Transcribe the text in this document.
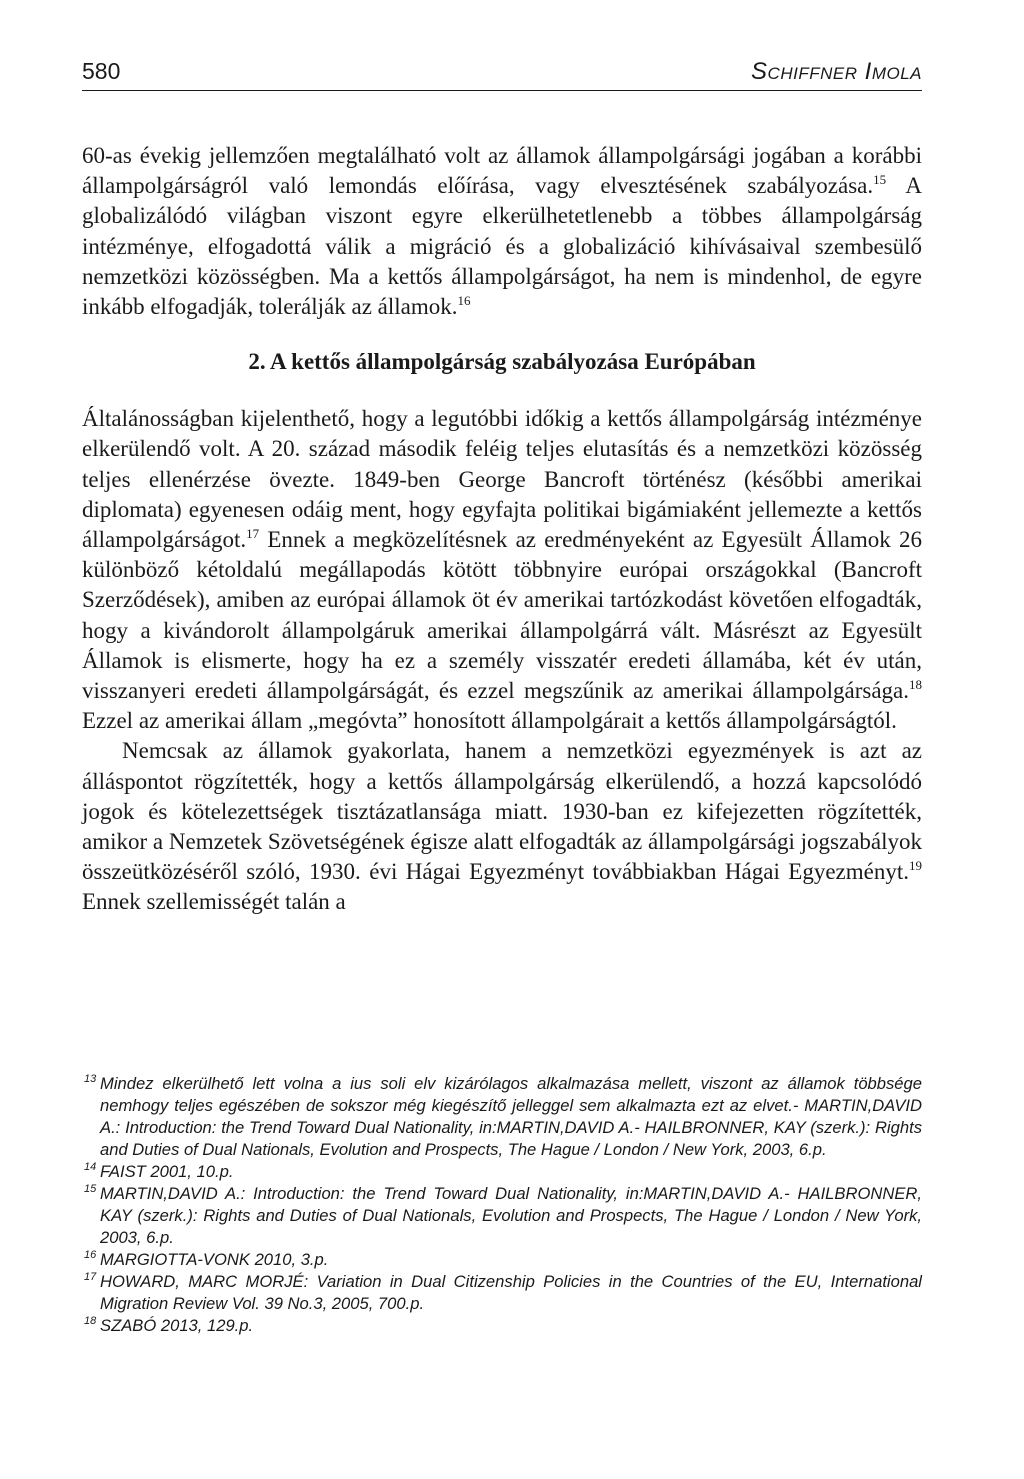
580	Schiffner Imola

60-as évekig jellemzően megtalálható volt az államok állampolgársági jogában a korábbi állampolgárságról való lemondás előírása, vagy elvesztésének szabályozása.$^{15}$ A globalizálódó világban viszont egyre elkerülhetetlenebb a többes állampolgárság intézménye, elfogadottá válik a migráció és a globalizáció kihívásaival szembesülő nemzetközi közösségben. Ma a kettős állampolgárságot, ha nem is mindenhol, de egyre inkább elfogadják, tolerálják az államok.$^{16}$

2. A kettős állampolgárság szabályozása Európában

Általánosságban kijelenthető, hogy a legutóbbi időkig a kettős állampolgárság intézménye elkerülendő volt. A 20. század második feléig teljes elutasítás és a nemzetközi közösség teljes ellenérzése övezte. 1849-ben George Bancroft történész (későbbi amerikai diplomata) egyenesen odáig ment, hogy egyfajta politikai bigámiaként jellemezte a kettős állampolgárságot.$^{17}$ Ennek a megközelítésnek az eredményeként az Egyesült Államok 26 különböző kétoldalú megállapodás kötött többnyire európai országokkal (Bancroft Szerződések), amiben az európai államok öt év amerikai tartózkodást követően elfogadták, hogy a kivándorolt állampolgáruk amerikai állampolgárrá vált. Másrészt az Egyesült Államok is elismerte, hogy ha ez a személy visszatér eredeti államába, két év után, visszanyeri eredeti állampolgárságát, és ezzel megszűnik az amerikai állampolgársága.$^{18}$ Ezzel az amerikai állam „megóvta” honosított állampolgárait a kettős állampolgárságtól.

Nemcsak az államok gyakorlata, hanem a nemzetközi egyezmények is azt az álláspontot rögzítették, hogy a kettős állampolgárság elkerülendő, a hozzá kapcsolódó jogok és kötelezettségek tisztázatlansága miatt. 1930-ban ez kifejezetten rögzítették, amikor a Nemzetek Szövetségének égisze alatt elfogadták az állampolgársági jogszabályok összeütközéséről szóló, 1930. évi Hágai Egyezményt továbbiakban Hágai Egyezményt.$^{19}$ Ennek szellemisségét talán a

13 Mindez elkerülhető lett volna a ius soli elv kizárólagos alkalmazása mellett, viszont az államok többsége nemhogy teljes egészében de sokszor még kiegészítő jelleggel sem alkalmazta ezt az elvet.- MARTIN,DAVID A.: Introduction: the Trend Toward Dual Nationality, in:MARTIN,DAVID A.- HAILBRONNER, KAY (szerk.): Rights and Duties of Dual Nationals, Evolution and Prospects, The Hague / London / New York, 2003, 6.p.

14 FAIST 2001, 10.p.

15 MARTIN,DAVID A.: Introduction: the Trend Toward Dual Nationality, in:MARTIN,DAVID A.- HAILBRONNER, KAY (szerk.): Rights and Duties of Dual Nationals, Evolution and Prospects, The Hague / London / New York, 2003, 6.p.

16 MARGIOTTA-VONK 2010, 3.p.

17 HOWARD, MARC MORJÉ: Variation in Dual Citizenship Policies in the Countries of the EU, International Migration Review Vol. 39 No.3, 2005, 700.p.

18 SZABÓ 2013, 129.p.
